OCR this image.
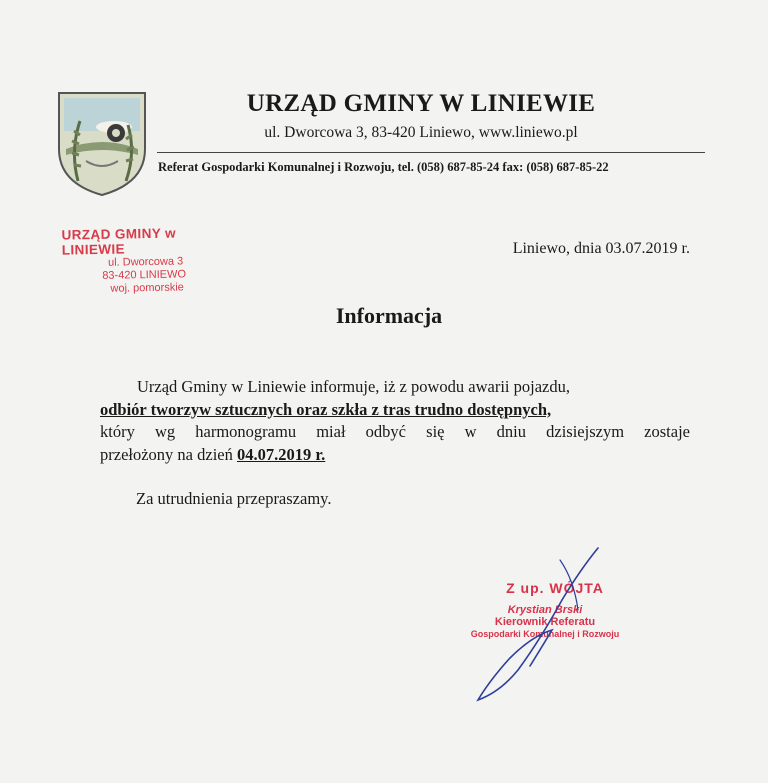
URZĄD GMINY W LINIEWIE
ul. Dworcowa 3, 83-420 Liniewo, www.liniewo.pl
Referat Gospodarki Komunalnej i Rozwoju, tel. (058) 687-85-24 fax: (058) 687-85-22
URZĄD GMINY w LINIEWIE
ul. Dworcowa 3
83-420 LINIEWO
woj. pomorskie
Liniewo, dnia 03.07.2019 r.
Informacja
Urząd Gminy w Liniewie informuje, iż z powodu awarii pojazdu,
odbiór tworzyw sztucznych oraz szkła z tras trudno dostępnych,
który wg harmonogramu miał odbyć się w dniu dzisiejszym zostaje
przełożony na dzień 04.07.2019 r.
Za utrudnienia przepraszamy.
Z up. WÓJTA
Krystian Brski
Kierownik Referatu
Gospodarki Komunalnej i Rozwoju
